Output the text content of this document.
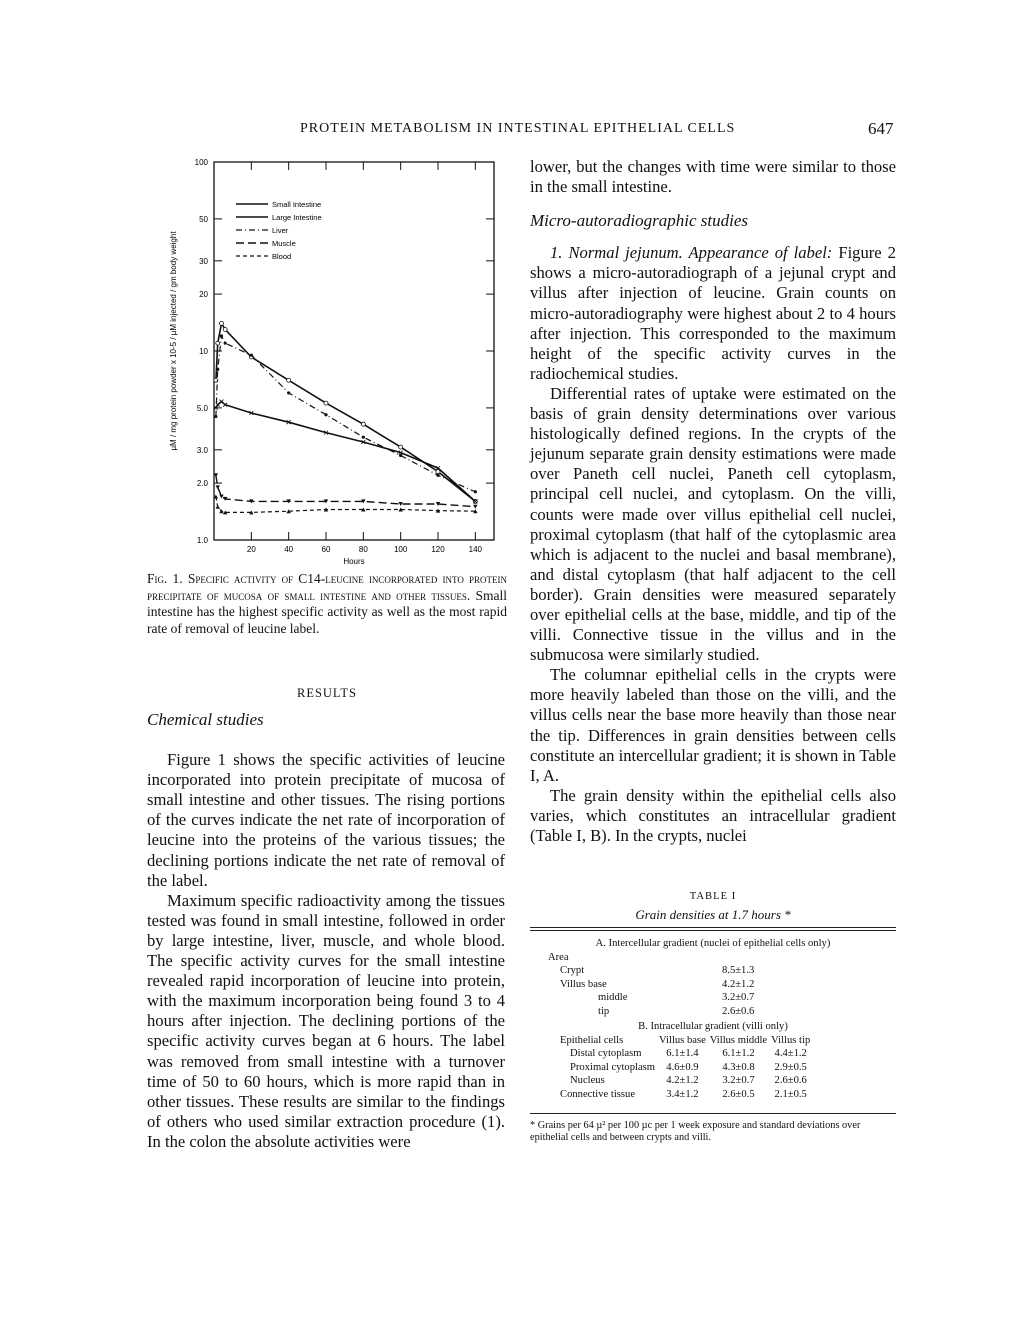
PROTEIN METABOLISM IN INTESTINAL EPITHELIAL CELLS	647
20	40	60	80	100	120	140
1.0
2.0
3.0
5.0
10
20
30
50
100
Hours
µM / mg protein powder x 10-5 / µM injected / gm body weight
Small Intestine
Large Intestine
Liver
Muscle
Blood
Fig. 1. Specific activity of C14-leucine incorporated into protein precipitate of mucosa of small intestine and other tissues. Small intestine has the highest specific activity as well as the most rapid rate of removal of leucine label.
RESULTS

Chemical studies

Figure 1 shows the specific activities of leucine incorporated into protein precipitate of mucosa of small intestine and other tissues. The rising portions of the curves indicate the net rate of incorporation of leucine into the proteins of the various tissues; the declining portions indicate the net rate of removal of the label.

Maximum specific radioactivity among the tissues tested was found in small intestine, followed in order by large intestine, liver, muscle, and whole blood. The specific activity curves for the small intestine revealed rapid incorporation of leucine into protein, with the maximum incorporation being found 3 to 4 hours after injection. The declining portions of the specific activity curves began at 6 hours. The label was removed from small intestine with a turnover time of 50 to 60 hours, which is more rapid than in other tissues. These results are similar to the findings of others who used similar extraction procedure (1). In the colon the absolute activities were

lower, but the changes with time were similar to those in the small intestine.

Micro-autoradiographic studies

1. Normal jejunum. Appearance of label: Figure 2 shows a micro-autoradiograph of a jejunal crypt and villus after injection of leucine. Grain counts on micro-autoradiography were highest about 2 to 4 hours after injection. This corresponded to the maximum height of the specific activity curves in the radiochemical studies.

Differential rates of uptake were estimated on the basis of grain density determinations over various histologically defined regions. In the crypts of the jejunum separate grain density estimations were made over Paneth cell nuclei, Paneth cell cytoplasm, principal cell nuclei, and cytoplasm. On the villi, counts were made over villus epithelial cell nuclei, proximal cytoplasm (that half of the cytoplasmic area which is adjacent to the nuclei and basal membrane), and distal cytoplasm (that half adjacent to the cell border). Grain densities were measured separately over epithelial cells at the base, middle, and tip of the villi. Connective tissue in the villus and in the submucosa were similarly studied.

The columnar epithelial cells in the crypts were more heavily labeled than those on the villi, and the villus cells near the base more heavily than those near the tip. Differences in grain densities between cells constitute an intercellular gradient; it is shown in Table I, A.

The grain density within the epithelial cells also varies, which constitutes an intracellular gradient (Table I, B). In the crypts, nuclei

TABLE I
Grain densities at 1.7 hours *
A. Intercellular gradient (nuclei of epithelial cells only)
Area
Crypt	8.5±1.3
Villus base	4.2±1.2
middle	3.2±0.7
tip	2.6±0.6
B. Intracellular gradient (villi only)
Epithelial cells	Villus base	Villus middle	Villus tip
Distal cytoplasm	6.1±1.4	6.1±1.2	4.4±1.2
Proximal cytoplasm	4.6±0.9	4.3±0.8	2.9±0.5
Nucleus	4.2±1.2	3.2±0.7	2.6±0.6
Connective tissue	3.4±1.2	2.6±0.5	2.1±0.5
* Grains per 64 µ² per 100 µc per 1 week exposure and standard deviations over epithelial cells and between crypts and villi.
